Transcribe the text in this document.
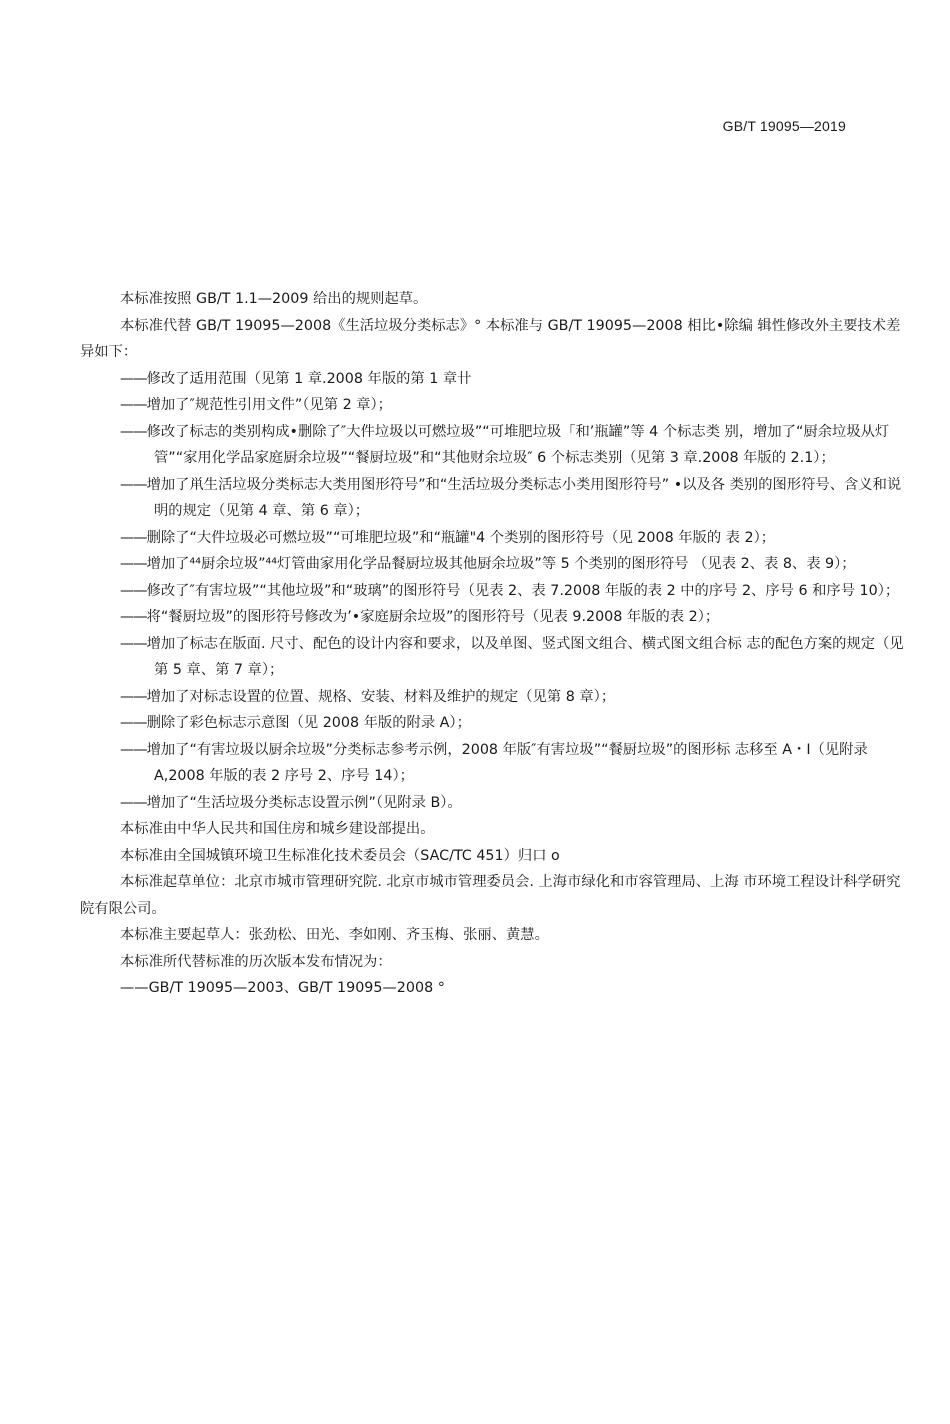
GB/T 19095—2019

本标准按照 GB/T 1.1—2009 给出的规则起草。

本标准代替 GB/T 19095—2008《生活垃圾分类标志》° 本标准与 GB/T 19095—2008 相比•除编 辑性修改外主要技术差异如下：

——修改了适用范围（见第 1 章.2008 年版的第 1 章卄

——增加了″规范性引用文件”（见第 2 章）；

——修改了标志的类别构成•删除了″大件垃圾以可燃垃圾”“可堆肥垃圾「和’瓶罐”等 4 个标志类 别，增加了“厨余垃圾从灯管”“家用化学品家庭厨余垃圾”“餐厨垃圾”和“其他财余垃圾″ 6 个标志类别（见第 3 章.2008 年版的 2.1）；

——增加了鼡生活垃圾分类标志大类用图形符号”和“生活垃圾分类标志小类用图形符号” •以及各 类别的图形符号、含义和说明的规定（见第 4 章、第 6 章）；

——删除了“大件垃圾必可燃垃圾”“可堆肥垃圾”和“瓶罐"4 个类别的图形符号（见 2008 年版的 表 2）；

——增加了⁴⁴厨余垃圾”⁴⁴灯管曲家用化学品餐厨垃圾其他厨余垃圾”等 5 个类别的图形符号 （见表 2、表 8、表 9）；

——修改了″有害垃圾”“其他垃圾”和“玻璃”的图形符号（见表 2、表 7.2008 年版的表 2 中的序号 2、序号 6 和序号 10）；

——将“餐厨垃圾”的图形符号修改为’•家庭厨余垃圾”的图形符号（见表 9.2008 年版的表 2）；

——增加了标志在版面. 尺寸、配色的设计内容和要求，以及单图、竖式图文组合、横式图文组合标 志的配色方案的规定（见第 5 章、第 7 章）；

——增加了对标志设置的位置、规格、安装、材料及维护的规定（见第 8 章）；

——删除了彩色标志示意图（见 2008 年版的附录 A）；

——增加了“有害垃圾以厨余垃圾”分类标志参考示例，2008 年版″有害垃圾”“餐厨垃圾”的图形标 志移至 A・I（见附录 A,2008 年版的表 2 序号 2、序号 14）；

——增加了“生活垃圾分类标志设置示例”（见附录 B）。

本标准由中华人民共和国住房和城乡建设部提出。

本标准由全国城镇环境卫生标准化技术委员会（SAC/TC 451）归口 o

本标准起草单位：北京市城市管理研究院. 北京市城市管理委员会. 上海市绿化和市容管理局、上海 市环境工程设计科学研究院有限公司。

本标准主要起草人：张劲松、田光、李如刚、齐玉梅、张丽、黄慧。

本标准所代替标准的历次版本发布情况为：

——GB/T 19095—2003、GB/T 19095—2008 °
